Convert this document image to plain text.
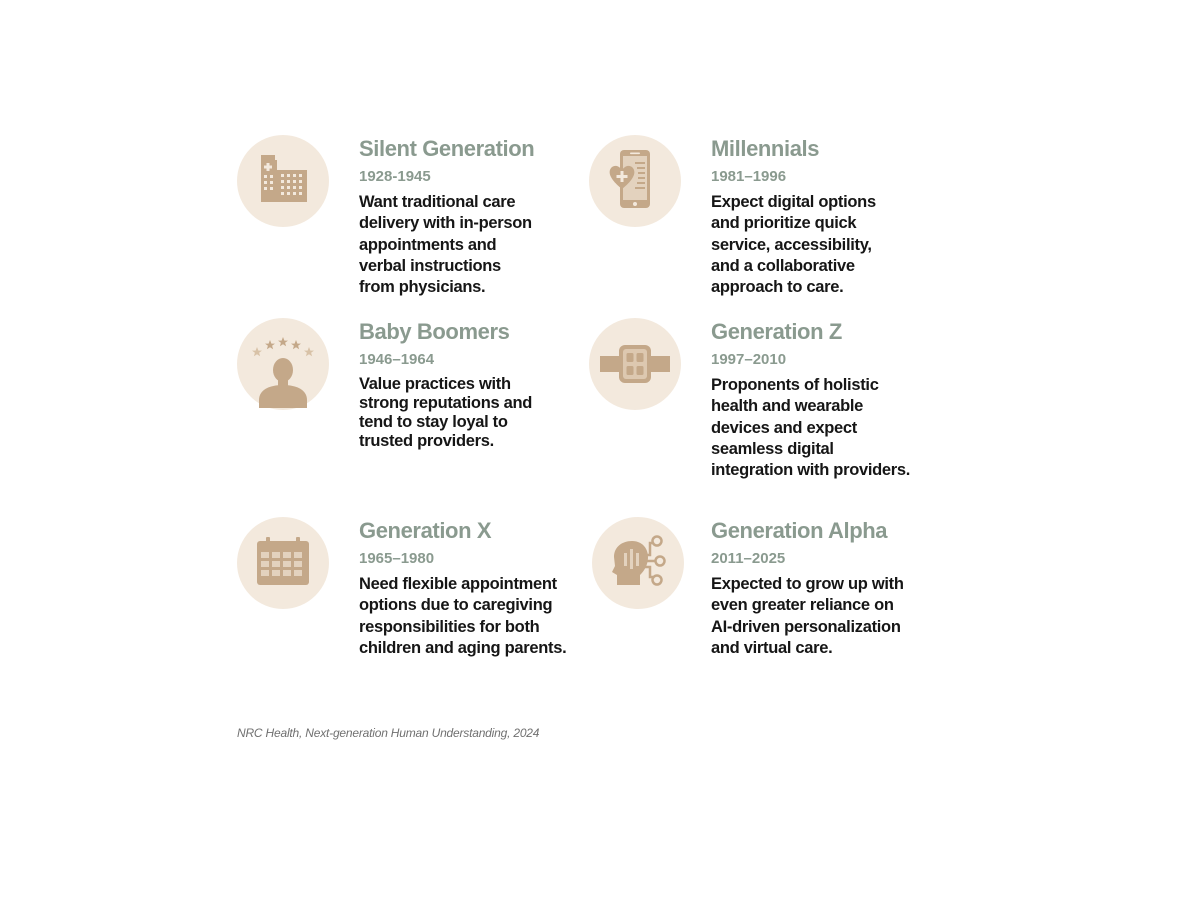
Silent Generation

1928-1945

Want traditional care
delivery with in-person
appointments and
verbal instructions
from physicians.

Millennials

1981–1996

Expect digital options
and prioritize quick
service, accessibility,
and a collaborative
approach to care.

Baby Boomers

1946–1964

Value practices with
strong reputations and
tend to stay loyal to
trusted providers.

Generation Z

1997–2010

Proponents of holistic
health and wearable
devices and expect
seamless digital
integration with providers.

Generation X

1965–1980

Need flexible appointment
options due to caregiving
responsibilities for both
children and aging parents.

Generation Alpha

2011–2025

Expected to grow up with
even greater reliance on
AI-driven personalization
and virtual care.

NRC Health, Next-generation Human Understanding, 2024
